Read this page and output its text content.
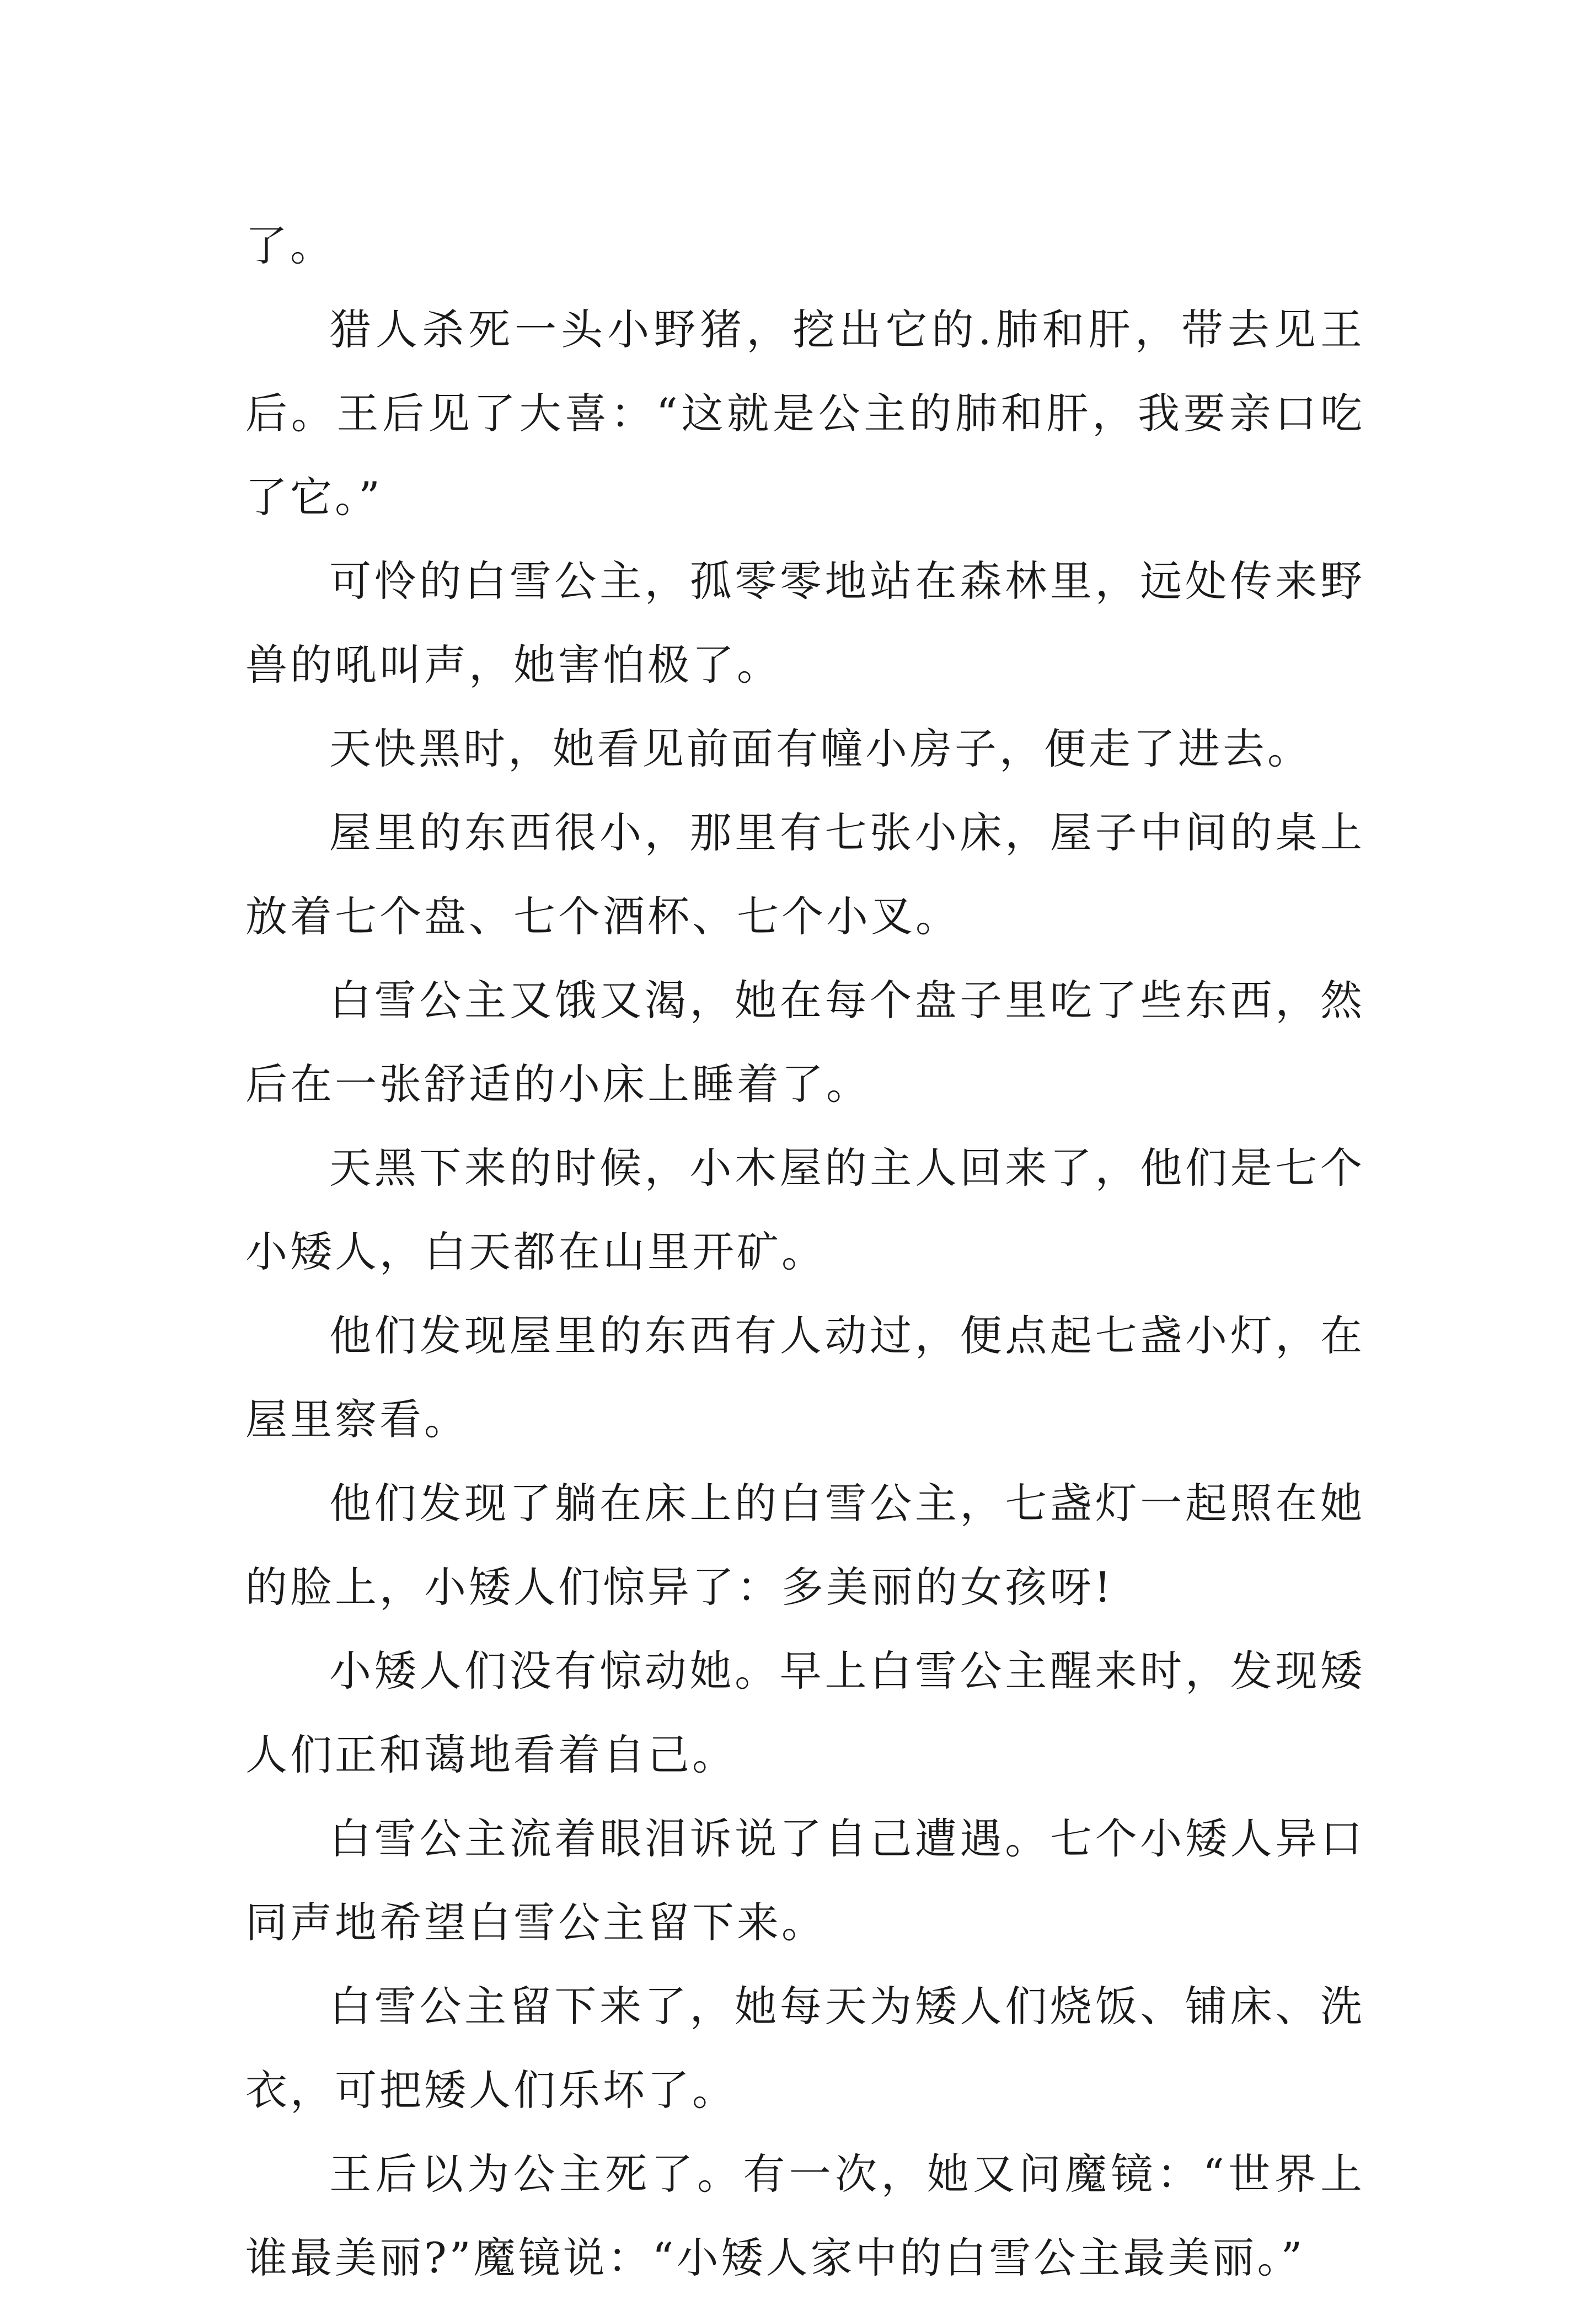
了。

猎人杀死一头小野猪，挖出它的.肺和肝，带去见王后。王后见了大喜：“这就是公主的肺和肝，我要亲口吃了它。”

可怜的白雪公主，孤零零地站在森林里，远处传来野兽的吼叫声，她害怕极了。

天快黑时，她看见前面有幢小房子，便走了进去。

屋里的东西很小，那里有七张小床，屋子中间的桌上放着七个盘、七个酒杯、七个小叉。

白雪公主又饿又渴，她在每个盘子里吃了些东西，然后在一张舒适的小床上睡着了。

天黑下来的时候，小木屋的主人回来了，他们是七个小矮人，白天都在山里开矿。

他们发现屋里的东西有人动过，便点起七盏小灯，在屋里察看。

他们发现了躺在床上的白雪公主，七盏灯一起照在她的脸上，小矮人们惊异了：多美丽的女孩呀!

小矮人们没有惊动她。早上白雪公主醒来时，发现矮人们正和蔼地看着自己。

白雪公主流着眼泪诉说了自己遭遇。七个小矮人异口同声地希望白雪公主留下来。

白雪公主留下来了，她每天为矮人们烧饭、铺床、洗衣，可把矮人们乐坏了。

王后以为公主死了。有一次，她又问魔镜：“世界上谁最美丽?”魔镜说：“小矮人家中的白雪公主最美丽。”
